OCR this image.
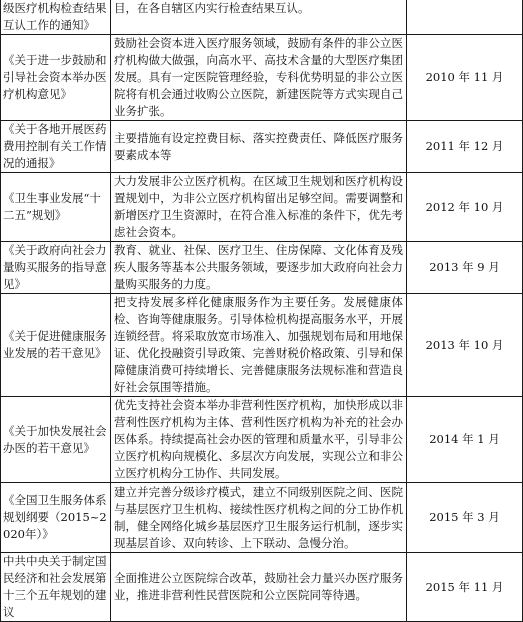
级医疗机构检查结果互认工作的通知》	目，在各自辖区内实行检查结果互认。	

《关于进一步鼓励和引导社会资本举办医疗机构意见》	鼓励社会资本进入医疗服务领域，鼓励有条件的非公立医疗机构做大做强，向高水平、高技术含量的大型医疗集团发展。具有一定医院管理经验，专科优势明显的非公立医院将有机会通过收购公立医院，新建医院等方式实现自己业务扩张。	2010 年 11 月
《关于各地开展医药费用控制有关工作情况的通报》	主要措施有设定控费目标、落实控费责任、降低医疗服务要素成本等	2011 年 12 月
《卫生事业发展“十二五”规划》	大力发展非公立医疗机构。在区域卫生规划和医疗机构设置规划中，为非公立医疗机构留出足够空间。需要调整和新增医疗卫生资源时，在符合准入标准的条件下，优先考虑社会资本。	2012 年 10 月
《关于政府向社会力量购买服务的指导意见》	教育、就业、社保、医疗卫生、住房保障、文化体育及残疾人服务等基本公共服务领域，要逐步加大政府向社会力量购买服务的力度。	2013 年 9 月
《关于促进健康服务业发展的若干意见》	把支持发展多样化健康服务作为主要任务。发展健康体检、咨询等健康服务。引导体检机构提高服务水平，开展连锁经营。将采取放宽市场准入、加强规划布局和用地保证、优化投融资引导政策、完善财税价格政策、引导和保障健康消费可持续增长、完善健康服务法规标准和营造良好社会氛围等措施。	2013 年 10 月
《关于加快发展社会办医的若干意见》	优先支持社会资本举办非营利性医疗机构，加快形成以非营利性医疗机构为主体、营利性医疗机构为补充的社会办医体系。持续提高社会办医的管理和质量水平，引导非公立医疗机构向规模化、多层次方向发展，实现公立和非公立医疗机构分工协作、共同发展。	2014 年 1 月
《全国卫生服务体系规划纲要（2015~2020年）》	建立并完善分级诊疗模式，建立不同级别医院之间、医院与基层医疗卫生机构、接续性医疗机构之间的分工协作机制，健全网络化城乡基层医疗卫生服务运行机制，逐步实现基层首诊、双向转诊、上下联动、急慢分治。	2015 年 3 月
中共中央关于制定国民经济和社会发展第十三个五年规划的建议	全面推进公立医院综合改革，鼓励社会力量兴办医疗服务业，推进非营利性民营医院和公立医院同等待遇。	2015 年 11 月
